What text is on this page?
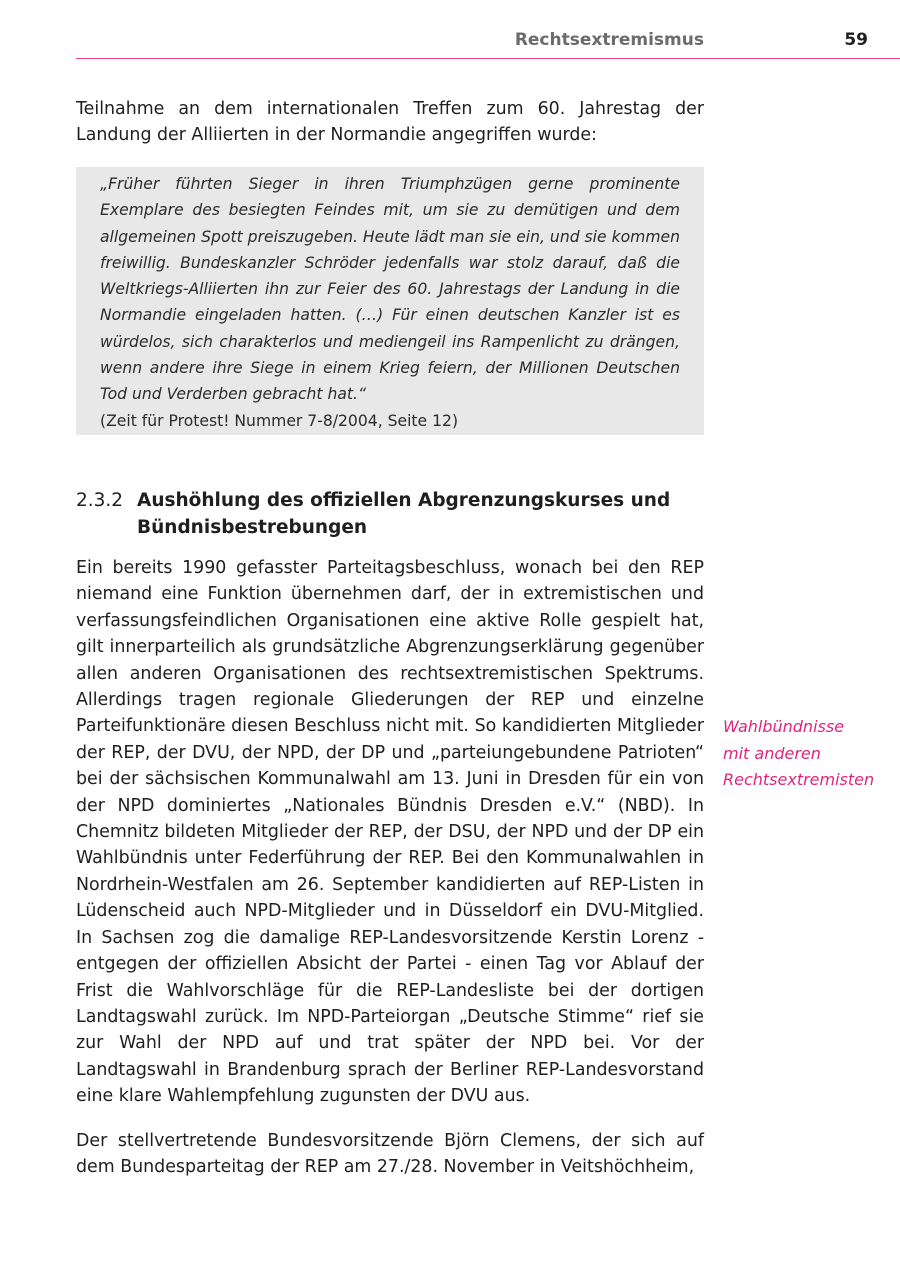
Rechtsextremismus	59

Teilnahme an dem internationalen Treffen zum 60. Jahrestag der Landung der Alliierten in der Normandie angegriffen wurde:

„Früher führten Sieger in ihren Triumphzügen gerne prominente Exemplare des besiegten Feindes mit, um sie zu demütigen und dem allgemeinen Spott preiszugeben. Heute lädt man sie ein, und sie kommen freiwillig. Bundeskanzler Schröder jedenfalls war stolz darauf, daß die Weltkriegs-Alliierten ihn zur Feier des 60. Jahrestags der Landung in die Normandie eingeladen hatten. (…) Für einen deutschen Kanzler ist es würdelos, sich charakterlos und mediengeil ins Rampenlicht zu drängen, wenn andere ihre Siege in einem Krieg feiern, der Millionen Deutschen Tod und Verderben gebracht hat.“

(Zeit für Protest! Nummer 7-8/2004, Seite 12)

2.3.2 Aushöhlung des offiziellen Abgrenzungskurses und Bündnisbestrebungen

Ein bereits 1990 gefasster Parteitagsbeschluss, wonach bei den REP niemand eine Funktion übernehmen darf, der in extremistischen und verfassungsfeindlichen Organisationen eine aktive Rolle gespielt hat, gilt innerparteilich als grundsätzliche Abgrenzungserklärung gegenüber allen anderen Organisationen des rechtsextremistischen Spektrums. Allerdings tragen regionale Gliederungen der REP und einzelne Parteifunktionäre diesen Beschluss nicht mit. So kandidierten Mitglieder der REP, der DVU, der NPD, der DP und „parteiungebundene Patrioten“ bei der sächsischen Kommunalwahl am 13. Juni in Dresden für ein von der NPD dominiertes „Nationales Bündnis Dresden e.V.“ (NBD). In Chemnitz bildeten Mitglieder der REP, der DSU, der NPD und der DP ein Wahlbündnis unter Federführung der REP. Bei den Kommunalwahlen in Nordrhein-Westfalen am 26. September kandidierten auf REP-Listen in Lüdenscheid auch NPD-Mitglieder und in Düsseldorf ein DVU-Mitglied. In Sachsen zog die damalige REP-Landesvorsitzende Kerstin Lorenz - entgegen der offiziellen Absicht der Partei - einen Tag vor Ablauf der Frist die Wahlvorschläge für die REP-Landesliste bei der dortigen Landtagswahl zurück. Im NPD-Parteiorgan „Deutsche Stimme“ rief sie zur Wahl der NPD auf und trat später der NPD bei. Vor der Landtagswahl in Brandenburg sprach der Berliner REP-Landesvorstand eine klare Wahlempfehlung zugunsten der DVU aus.

Wahlbündnisse
mit anderen
Rechtsextremisten

Der stellvertretende Bundesvorsitzende Björn Clemens, der sich auf dem Bundesparteitag der REP am 27./28. November in Veitshöchheim,
